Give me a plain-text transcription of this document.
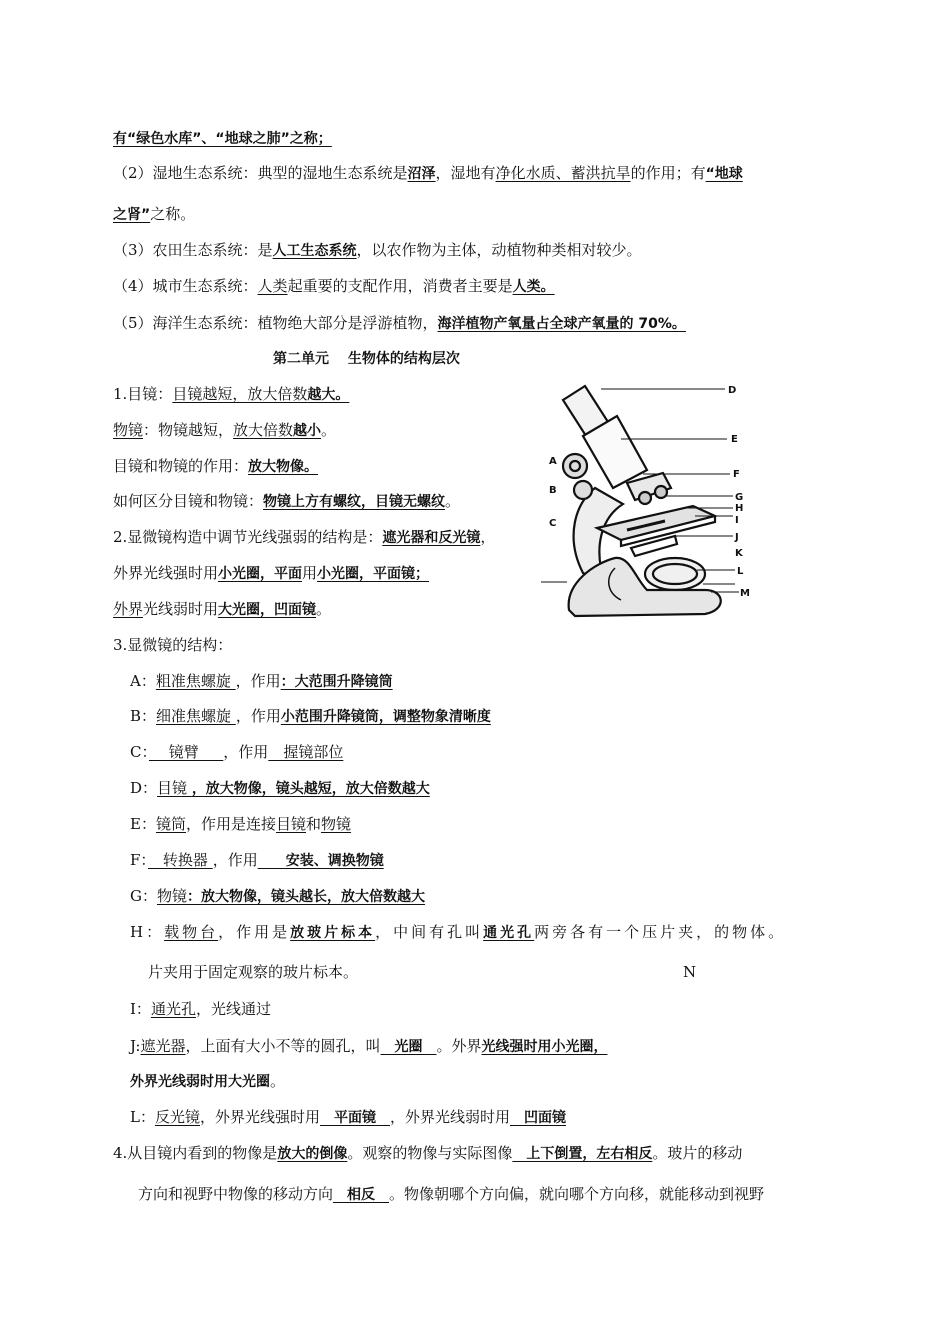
有“绿色水库”、“地球之肺”之称；
（2）湿地生态系统：典型的湿地生态系统是沼泽，湿地有净化水质、蓄洪抗旱的作用；有“地球
之肾”之称。
（3）农田生态系统：是人工生态系统，以农作物为主体，动植物种类相对较少。
（4）城市生态系统：人类起重要的支配作用，消费者主要是人类。
（5）海洋生态系统：植物绝大部分是浮游植物，海洋植物产氧量占全球产氧量的 70%。
第二单元　 生物体的结构层次
1.目镜：目镜越短，放大倍数越大。
物镜：物镜越短，放大倍数越小。
目镜和物镜的作用：放大物像。
如何区分目镜和物镜：物镜上方有螺纹，目镜无螺纹。
2.显微镜构造中调节光线强弱的结构是：遮光器和反光镜，
外界光线强时用小光圈，平面用小光圈，平面镜；
外界光线弱时用大光圈，凹面镜。
3.显微镜的结构：
A：粗准焦螺旋 ，作用：大范围升降镜筒
B：细准焦螺旋 ，作用小范围升降镜筒，调整物象清晰度
C：　 镜臂 　 ，作用　握镜部位
D：目镜 ，放大物像，镜头越短，放大倍数越大
E：镜筒，作用是连接目镜和物镜
F：　转换器 ，作用　　安装、调换物镜
G：物镜：放大物像，镜头越长，放大倍数越大
H：载物台，作用是放玻片标本，中间有孔叫通光孔两旁各有一个压片夹，的物体。
片夹用于固定观察的玻片标本。	N
I：通光孔，光线通过
J:遮光器，上面有大小不等的圆孔，叫　光圈　。外界光线强时用小光圈，
外界光线弱时用大光圈。
L：反光镜，外界光线强时用　平面镜　，外界光线弱时用　凹面镜
4.从目镜内看到的物像是放大的倒像。观察的物像与实际图像　上下倒置，左右相反。玻片的移动
方向和视野中物像的移动方向　相反　。物像朝哪个方向偏，就向哪个方向移，就能移动到视野
D
E
F
G
H
I
J
K
L
M
A
B
C
